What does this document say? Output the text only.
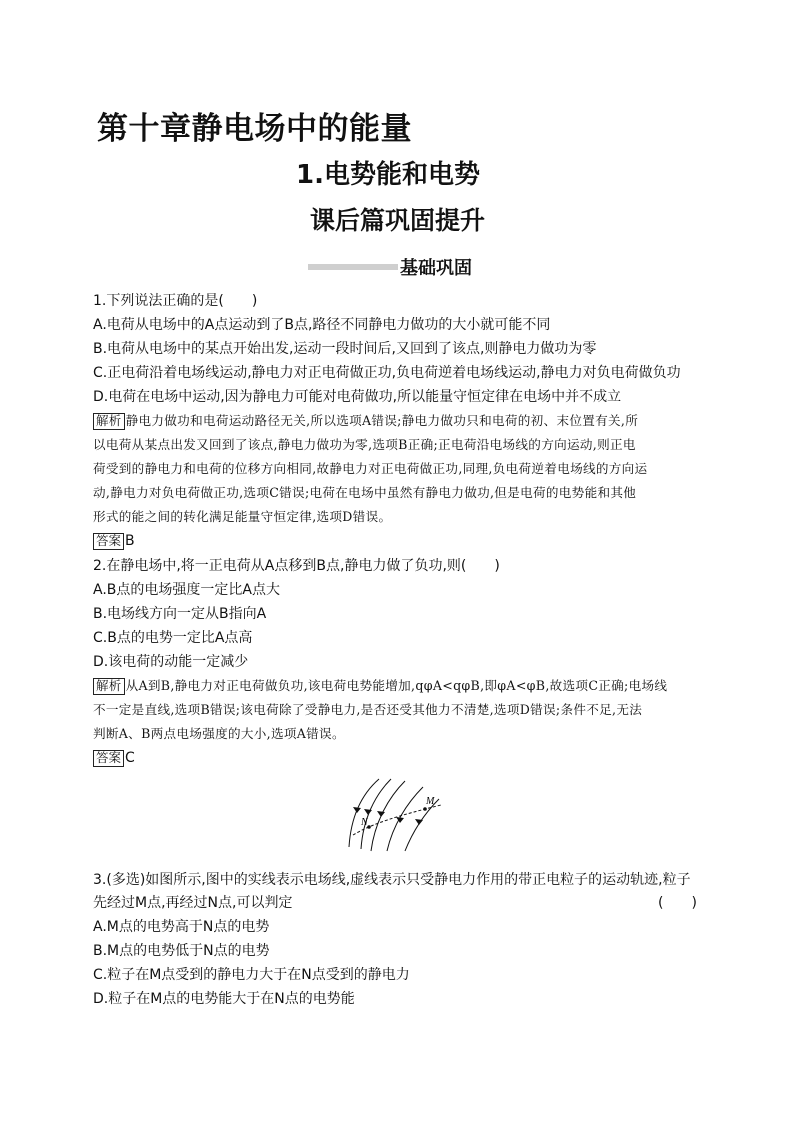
第十章静电场中的能量
1.电势能和电势
课后篇巩固提升
基础巩固
1.下列说法正确的是(　　)
A.电荷从电场中的A点运动到了B点,路径不同静电力做功的大小就可能不同
B.电荷从电场中的某点开始出发,运动一段时间后,又回到了该点,则静电力做功为零
C.正电荷沿着电场线运动,静电力对正电荷做正功,负电荷逆着电场线运动,静电力对负电荷做负功
D.电荷在电场中运动,因为静电力可能对电荷做功,所以能量守恒定律在电场中并不成立
解析 静电力做功和电荷运动路径无关,所以选项A错误;静电力做功只和电荷的初、末位置有关,所
以电荷从某点出发又回到了该点,静电力做功为零,选项B正确;正电荷沿电场线的方向运动,则正电
荷受到的静电力和电荷的位移方向相同,故静电力对正电荷做正功,同理,负电荷逆着电场线的方向运
动,静电力对负电荷做正功,选项C错误;电荷在电场中虽然有静电力做功,但是电荷的电势能和其他
形式的能之间的转化满足能量守恒定律,选项D错误。
答案 B
2.在静电场中,将一正电荷从A点移到B点,静电力做了负功,则(　　)
A.B点的电场强度一定比A点大
B.电场线方向一定从B指向A
C.B点的电势一定比A点高
D.该电荷的动能一定减少
解析 从A到B,静电力对正电荷做负功,该电荷电势能增加,qφA<qφB,即φA<φB,故选项C正确;电场线
不一定是直线,选项B错误;该电荷除了受静电力,是否还受其他力不清楚,选项D错误;条件不足,无法
判断A、B两点电场强度的大小,选项A错误。
答案 C
M
N
3.(多选)如图所示,图中的实线表示电场线,虚线表示只受静电力作用的带正电粒子的运动轨迹,粒子
先经过M点,再经过N点,可以判定	(　　)
A.M点的电势高于N点的电势
B.M点的电势低于N点的电势
C.粒子在M点受到的静电力大于在N点受到的静电力
D.粒子在M点的电势能大于在N点的电势能
